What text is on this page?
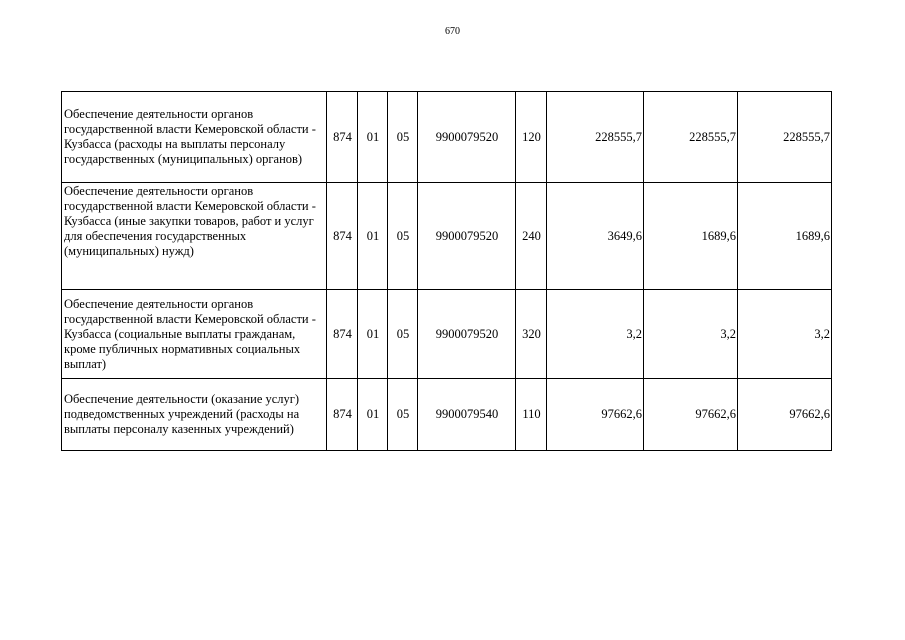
670
Обеспечение деятельности органов государственной власти Кемеровской области - Кузбасса (расходы на выплаты персоналу государственных (муниципальных) органов)	874	01	05	9900079520	120	228555,7	228555,7	228555,7
Обеспечение деятельности органов государственной власти Кемеровской области - Кузбасса (иные закупки товаров, работ и услуг для обеспечения государственных (муниципальных) нужд)	874	01	05	9900079520	240	3649,6	1689,6	1689,6
Обеспечение деятельности органов государственной власти Кемеровской области - Кузбасса (социальные выплаты гражданам, кроме публичных нормативных социальных выплат)	874	01	05	9900079520	320	3,2	3,2	3,2
Обеспечение деятельности (оказание услуг) подведомственных учреждений (расходы на выплаты персоналу казенных учреждений)	874	01	05	9900079540	110	97662,6	97662,6	97662,6
